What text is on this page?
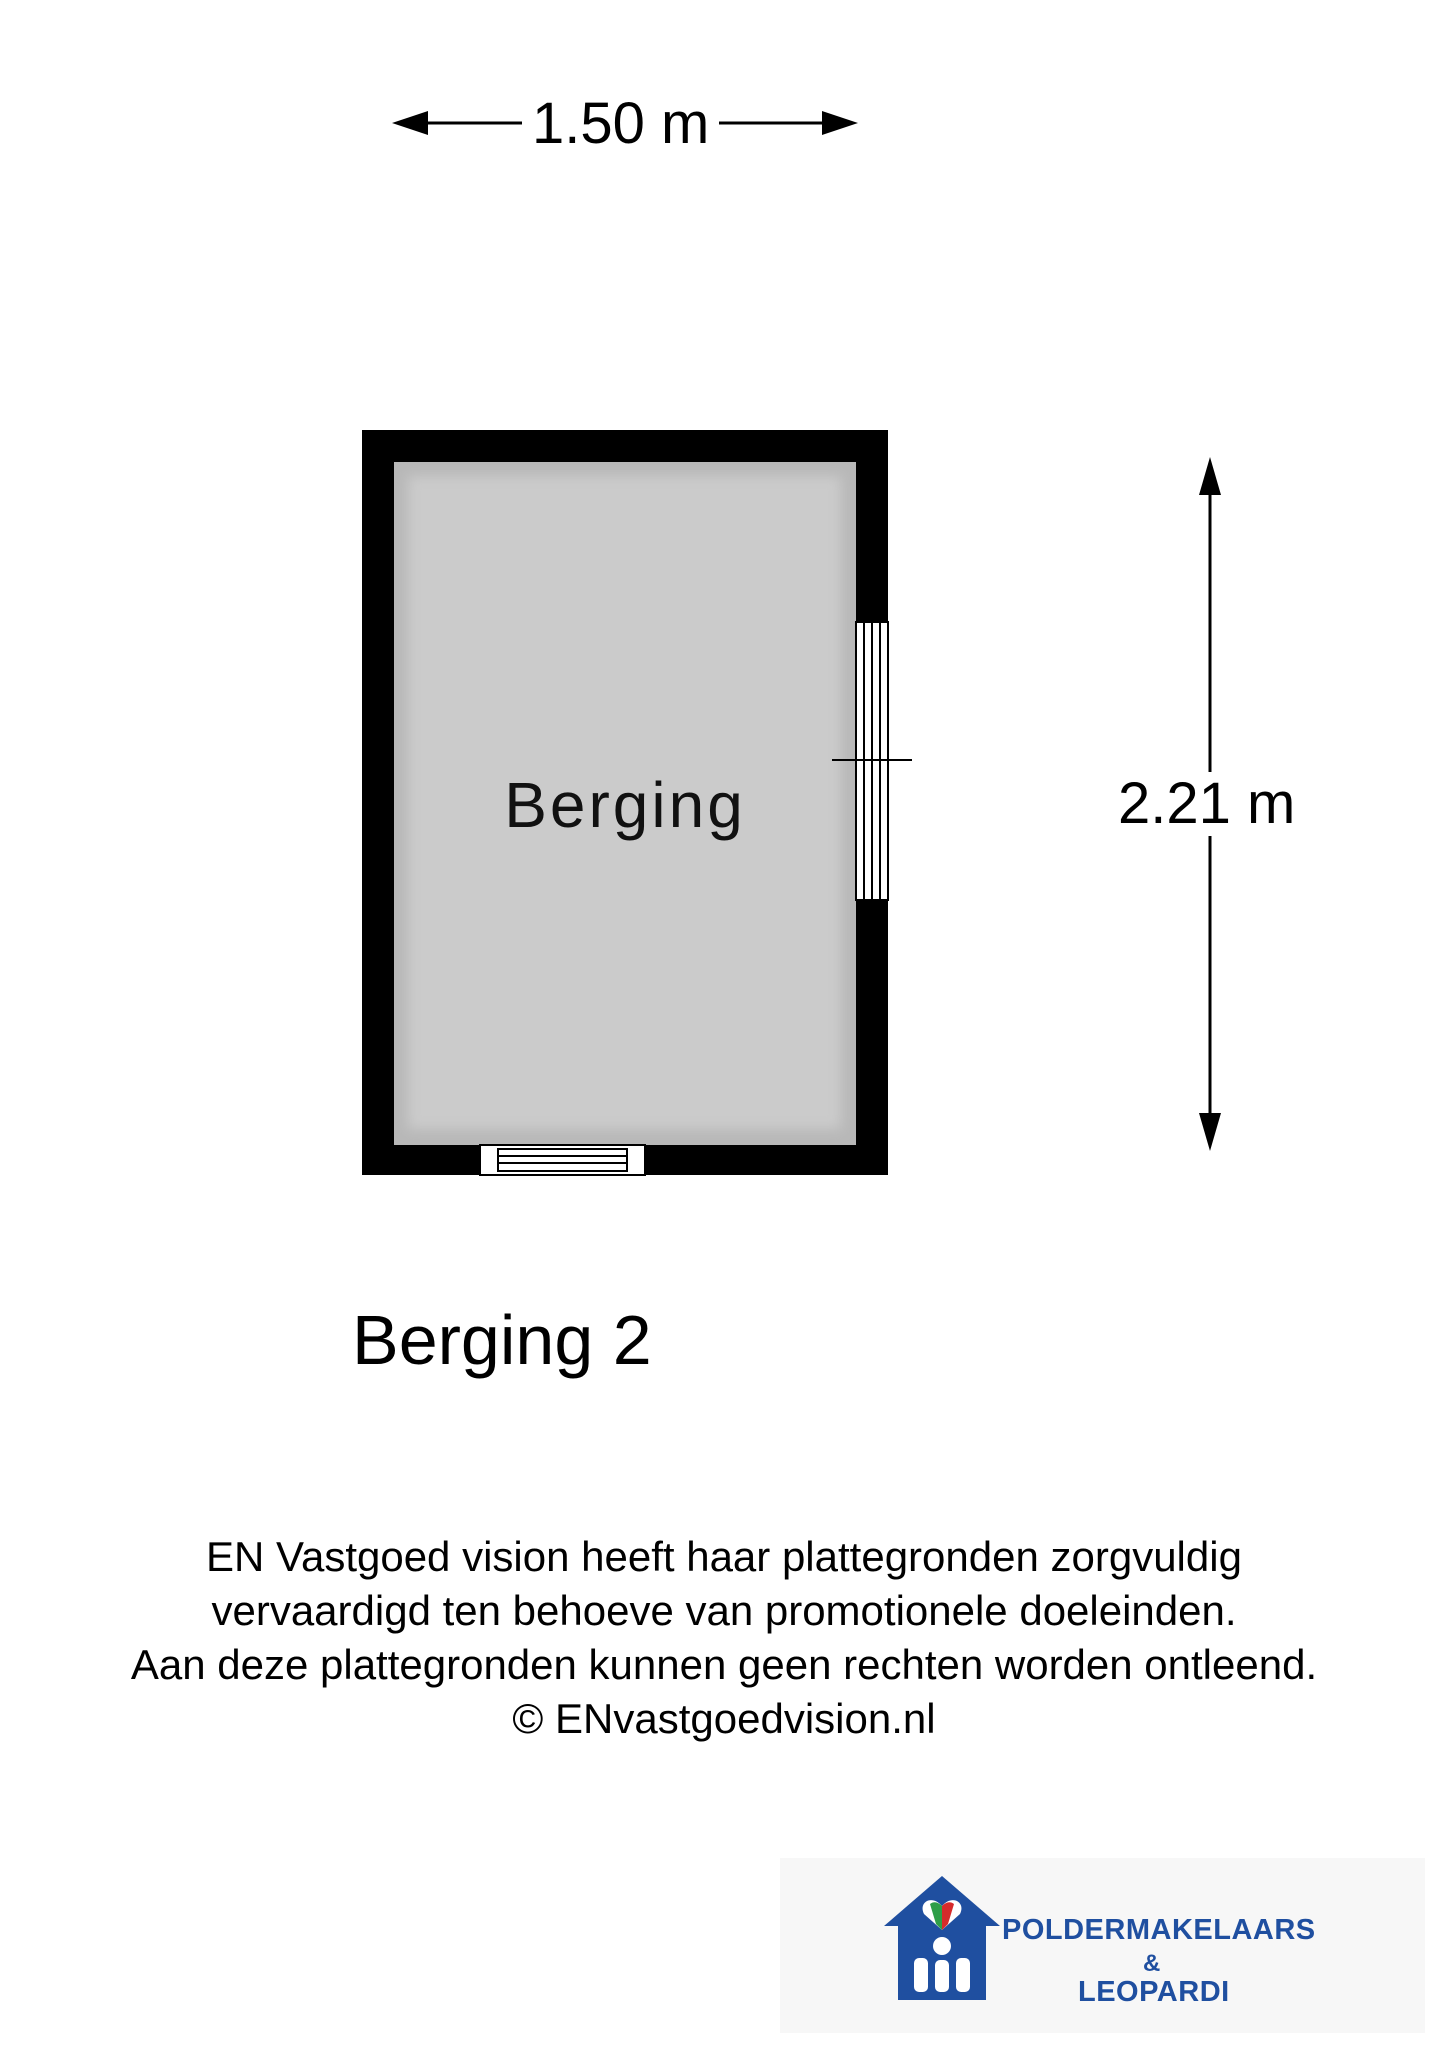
1.50 m
2.21 m
Berging
Berging 2
EN Vastgoed vision heeft haar plattegronden zorgvuldig
vervaardigd ten behoeve van promotionele doeleinden.
Aan deze plattegronden kunnen geen rechten worden ontleend.
© ENvastgoedvision.nl
POLDERMAKELAARS
&
LEOPARDI
